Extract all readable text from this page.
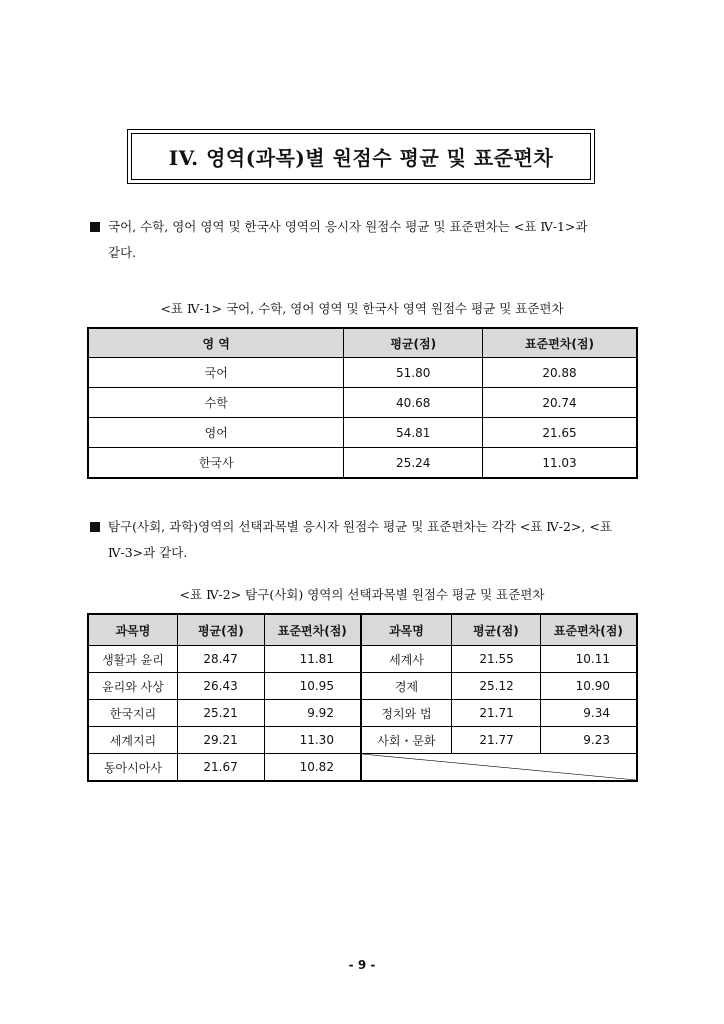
IV. 영역(과목)별 원점수 평균 및 표준편차
국어, 수학, 영어 영역 및 한국사 영역의 응시자 원점수 평균 및 표준편차는 <표 Ⅳ-1>과
같다.
<표 Ⅳ-1> 국어, 수학, 영어 영역 및 한국사 영역 원점수 평균 및 표준편차
영 역	평균(점)	표준편차(점)
국어	51.80	20.88
수학	40.68	20.74
영어	54.81	21.65
한국사	25.24	11.03
탐구(사회, 과학)영역의 선택과목별 응시자 원점수 평균 및 표준편차는 각각 <표 Ⅳ-2>, <표
Ⅳ-3>과 같다.
<표 Ⅳ-2> 탐구(사회) 영역의 선택과목별 원점수 평균 및 표준편차
과목명	평균(점)	표준편차(점)	과목명	평균(점)	표준편차(점)
생활과 윤리	28.47	11.81	세계사	21.55	10.11
윤리와 사상	26.43	10.95	경제	25.12	10.90
한국지리	25.21	9.92	정치와 법	21.71	9.34
세계지리	29.21	11.30	사회・문화	21.77	9.23
동아시아사	21.67	10.82	
- 9 -
